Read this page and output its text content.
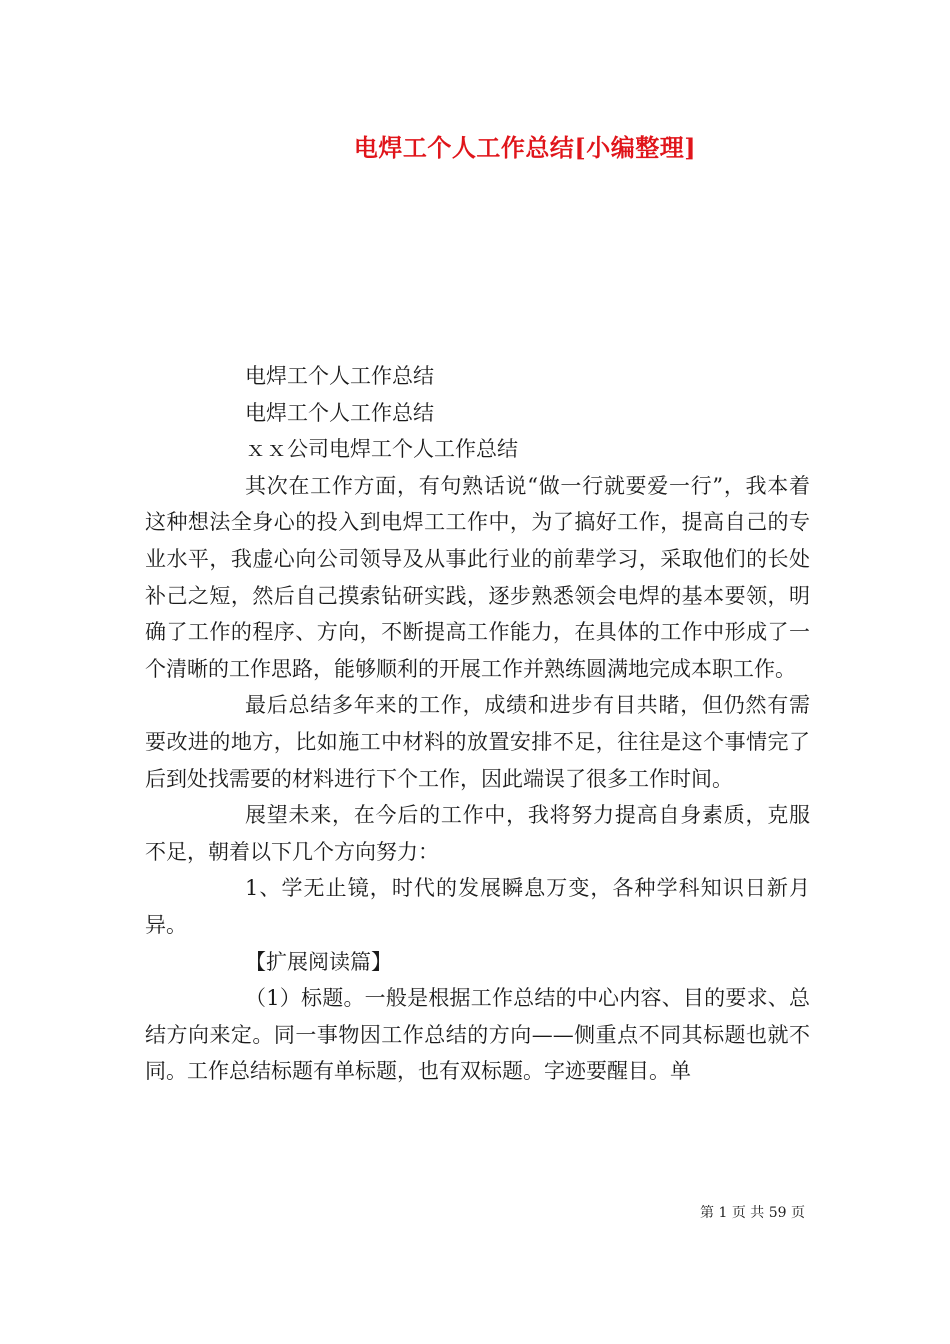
电焊工个人工作总结[小编整理]

电焊工个人工作总结

电焊工个人工作总结

ｘｘ公司电焊工个人工作总结

其次在工作方面，有句熟话说“做一行就要爱一行”，我本着这种想法全身心的投入到电焊工工作中，为了搞好工作，提高自己的专业水平，我虚心向公司领导及从事此行业的前辈学习，采取他们的长处补己之短，然后自己摸索钻研实践，逐步熟悉领会电焊的基本要领，明确了工作的程序、方向，不断提高工作能力，在具体的工作中形成了一个清晰的工作思路，能够顺利的开展工作并熟练圆满地完成本职工作。

最后总结多年来的工作，成绩和进步有目共睹，但仍然有需要改进的地方，比如施工中材料的放置安排不足，往往是这个事情完了后到处找需要的材料进行下个工作，因此端误了很多工作时间。

展望未来，在今后的工作中，我将努力提高自身素质，克服不足，朝着以下几个方向努力：

1、学无止镜，时代的发展瞬息万变，各种学科知识日新月异。

【扩展阅读篇】

（1）标题。一般是根据工作总结的中心内容、目的要求、总结方向来定。同一事物因工作总结的方向——侧重点不同其标题也就不同。工作总结标题有单标题，也有双标题。字迹要醒目。单

第 1 页 共 59 页
